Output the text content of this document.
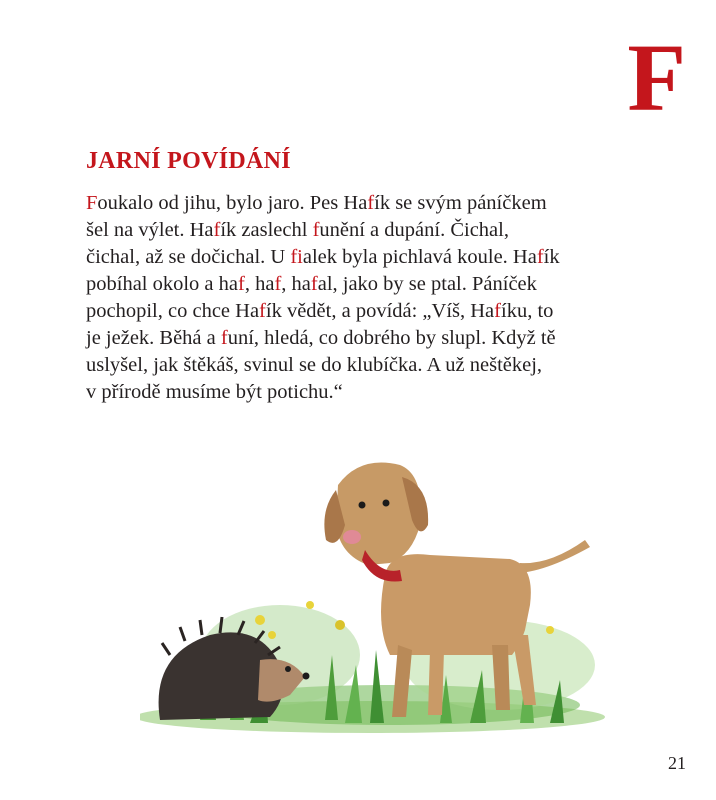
F
JARNÍ POVÍDÁNÍ
Foukalo od jihu, bylo jaro. Pes Hafík se svým páníčkem
šel na výlet. Hafík zaslechl funění a dupání. Čichal,
čichal, až se dočichal. U fialek byla pichlavá koule. Hafík
pobíhal okolo a haf, haf, hafal, jako by se ptal. Páníček
pochopil, co chce Hafík vědět, a povídá: „Víš, Hafíku, to
je ježek. Běhá a funí, hledá, co dobrého by slupl. Když tě
uslyšel, jak štěkáš, svinul se do klubíčka. A už neštěkej,
v přírodě musíme být potichu.“
21
